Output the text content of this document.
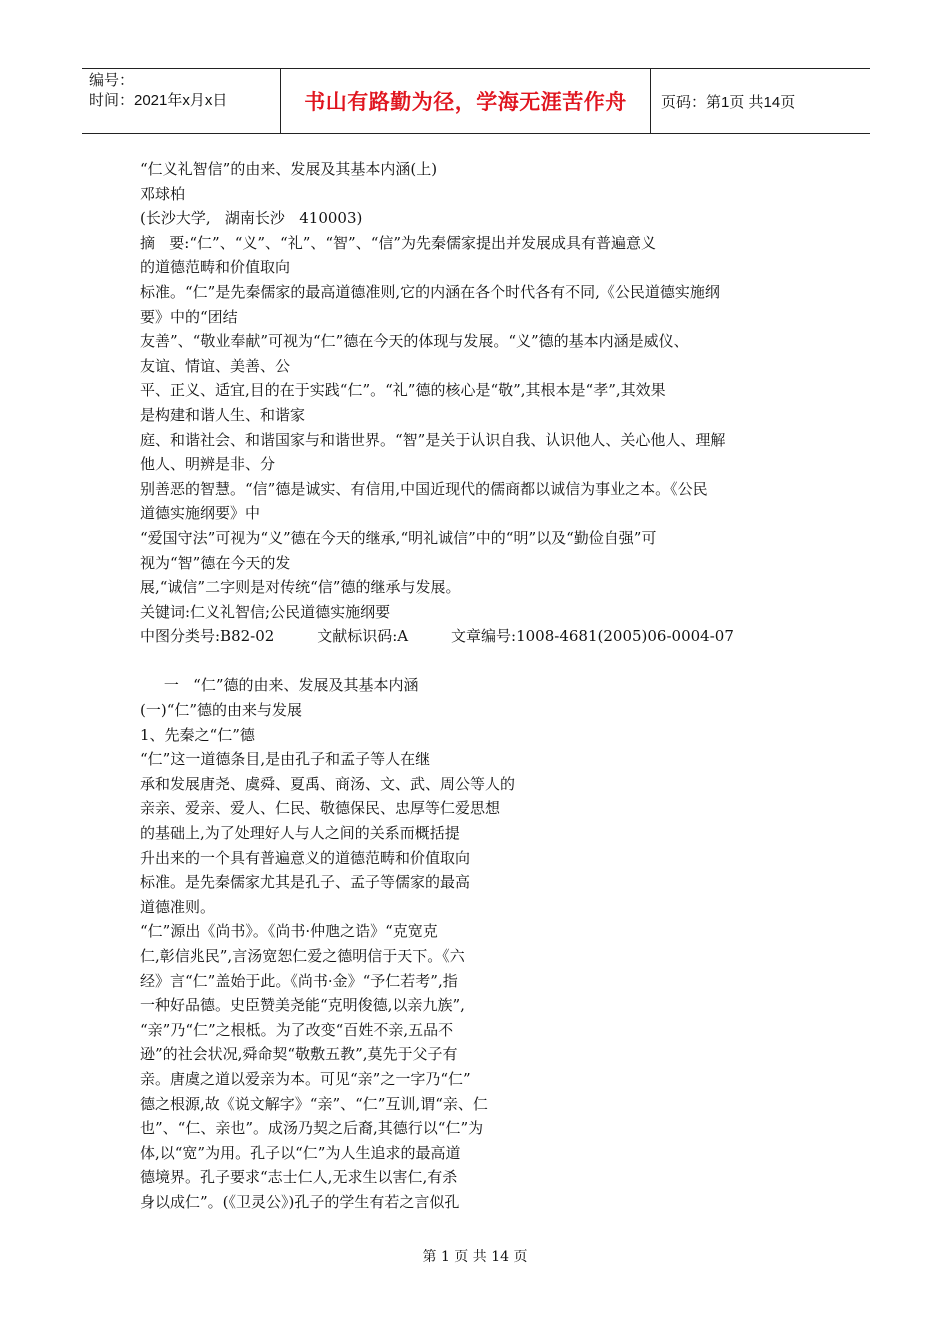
编号：
时间：2021年x月x日	书山有路勤为径，学海无涯苦作舟	页码：第1页 共14页
“仁义礼智信”的由来、发展及其基本内涵(上)
邓球柏
(长沙大学,   湖南长沙   410003)
摘   要:“仁”、“义”、“礼”、“智”、“信”为先秦儒家提出并发展成具有普遍意义
的道德范畴和价值取向
标准。“仁”是先秦儒家的最高道德准则,它的内涵在各个时代各有不同,《公民道德实施纲
要》中的“团结
友善”、“敬业奉献”可视为“仁”德在今天的体现与发展。“义”德的基本内涵是威仪、
友谊、情谊、美善、公
平、正义、适宜,目的在于实践“仁”。“礼”德的核心是“敬”,其根本是“孝”,其效果
是构建和谐人生、和谐家
庭、和谐社会、和谐国家与和谐世界。“智”是关于认识自我、认识他人、关心他人、理解
他人、明辨是非、分
别善恶的智慧。“信”德是诚实、有信用,中国近现代的儒商都以诚信为事业之本。《公民
道德实施纲要》中
“爱国守法”可视为“义”德在今天的继承,“明礼诚信”中的“明”以及“勤俭自强”可
视为“智”德在今天的发
展,“诚信”二字则是对传统“信”德的继承与发展。
关键词:仁义礼智信;公民道德实施纲要
中图分类号:B82-02         文献标识码:A         文章编号:1008-4681(2005)06-0004-07
一   “仁”德的由来、发展及其基本内涵
(一)“仁”德的由来与发展
1、先秦之“仁”德
“仁”这一道德条目,是由孔子和孟子等人在继
承和发展唐尧、虞舜、夏禹、商汤、文、武、周公等人的
亲亲、爱亲、爱人、仁民、敬德保民、忠厚等仁爱思想
的基础上,为了处理好人与人之间的关系而概括提
升出来的一个具有普遍意义的道德范畴和价值取向
标准。是先秦儒家尤其是孔子、孟子等儒家的最高
道德准则。
“仁”源出《尚书》。《尚书·仲虺之诰》“克宽克
仁,彰信兆民”,言汤宽恕仁爱之德明信于天下。《六
经》言“仁”盖始于此。《尚书·金》“予仁若考”,指
一种好品德。史臣赞美尧能“克明俊德,以亲九族”,
“亲”乃“仁”之根柢。为了改变“百姓不亲,五品不
逊”的社会状况,舜命契“敬敷五教”,莫先于父子有
亲。唐虞之道以爱亲为本。可见“亲”之一字乃“仁”
德之根源,故《说文解字》“亲”、“仁”互训,谓“亲、仁
也”、“仁、亲也”。成汤乃契之后裔,其德行以“仁”为
体,以“宽”为用。孔子以“仁”为人生追求的最高道
德境界。孔子要求“志士仁人,无求生以害仁,有杀
身以成仁”。(《卫灵公》)孔子的学生有若之言似孔
第 1 页 共 14 页
